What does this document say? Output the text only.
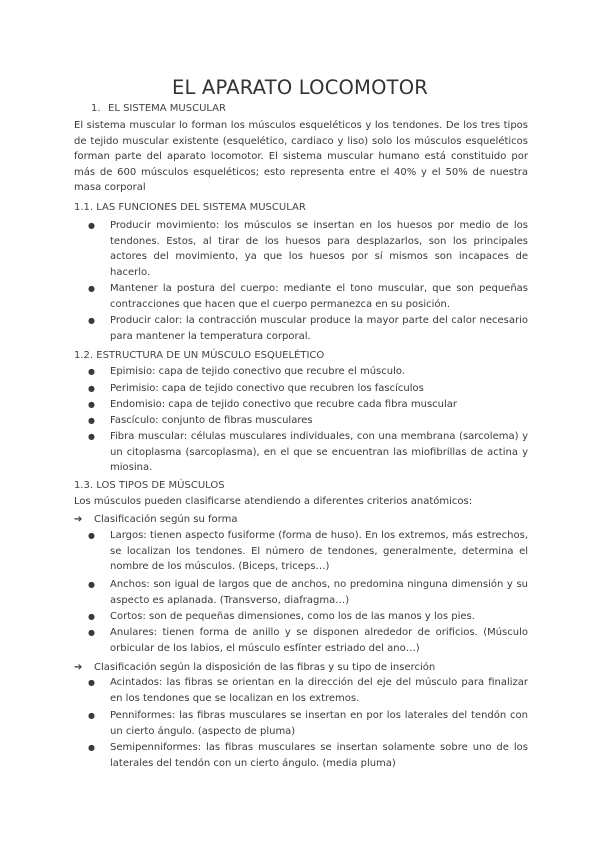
EL APARATO LOCOMOTOR
1. EL SISTEMA MUSCULAR
El sistema muscular lo forman los músculos esqueléticos y los tendones. De los tres tipos de tejido muscular existente (esquelético, cardiaco y liso) solo los músculos esqueléticos forman parte del aparato locomotor. El sistema muscular humano está constituido por más de 600 músculos esqueléticos; esto representa entre el 40% y el 50% de nuestra masa corporal
1.1. LAS FUNCIONES DEL SISTEMA MUSCULAR
● Producir movimiento: los músculos se insertan en los huesos por medio de los tendones. Estos, al tirar de los huesos para desplazarlos, son los principales actores del movimiento, ya que los huesos por sí mismos son incapaces de hacerlo.
● Mantener la postura del cuerpo: mediante el tono muscular, que son pequeñas contracciones que hacen que el cuerpo permanezca en su posición.
● Producir calor: la contracción muscular produce la mayor parte del calor necesario para mantener la temperatura corporal.
1.2. ESTRUCTURA DE UN MÚSCULO ESQUELÉTICO
● Epimisio: capa de tejido conectivo que recubre el músculo.
● Perimisio: capa de tejido conectivo que recubren los fascículos
● Endomisio: capa de tejido conectivo que recubre cada fibra muscular
● Fascículo: conjunto de fibras musculares
● Fibra muscular: células musculares individuales, con una membrana (sarcolema) y un citoplasma (sarcoplasma), en el que se encuentran las miofibrillas de actina y miosina.
1.3. LOS TIPOS DE MÚSCULOS
Los músculos pueden clasificarse atendiendo a diferentes criterios anatómicos:
➔ Clasificación según su forma
● Largos: tienen aspecto fusiforme (forma de huso). En los extremos, más estrechos, se localizan los tendones. El número de tendones, generalmente, determina el nombre de los músculos. (Biceps, triceps…)
● Anchos: son igual de largos que de anchos, no predomina ninguna dimensión y su aspecto es aplanada. (Transverso, diafragma…)
● Cortos: son de pequeñas dimensiones, como los de las manos y los pies.
● Anulares: tienen forma de anillo y se disponen alrededor de orificios. (Músculo orbicular de los labios, el músculo esfínter estriado del ano…)
➔ Clasificación según la disposición de las fibras y su tipo de inserción
● Acintados: las fibras se orientan en la dirección del eje del músculo para finalizar en los tendones que se localizan en los extremos.
● Penniformes: las fibras musculares se insertan en por los laterales del tendón con un cierto ángulo. (aspecto de pluma)
● Semipenniformes: las fibras musculares se insertan solamente sobre uno de los laterales del tendón con un cierto ángulo. (media pluma)
